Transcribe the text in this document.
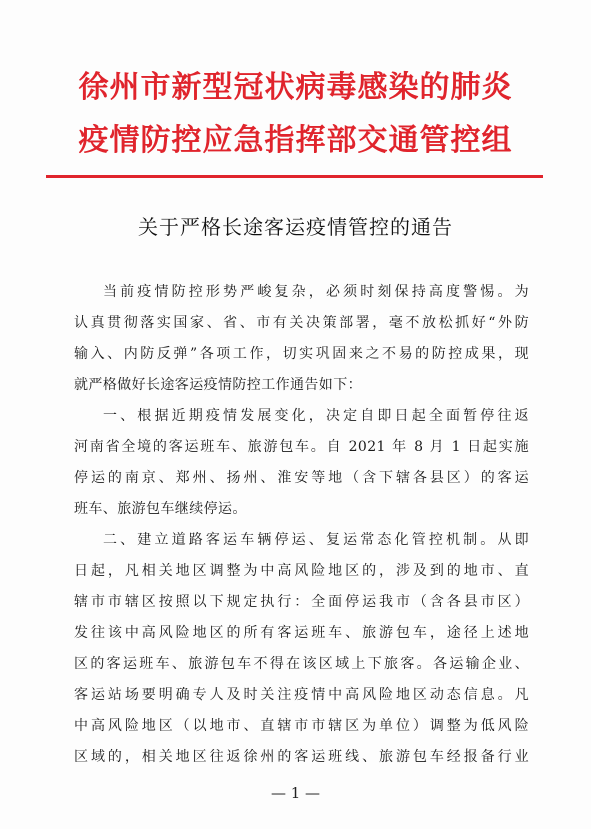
徐州市新型冠状病毒感染的肺炎
疫情防控应急指挥部交通管控组
关于严格长途客运疫情管控的通告
当前疫情防控形势严峻复杂，必须时刻保持高度警惕。为
认真贯彻落实国家、省、市有关决策部署，毫不放松抓好“外防
输入、内防反弹”各项工作，切实巩固来之不易的防控成果，现
就严格做好长途客运疫情防控工作通告如下：
一、根据近期疫情发展变化，决定自即日起全面暂停往返
河南省全境的客运班车、旅游包车。自 2021 年 8 月 1 日起实施
停运的南京、郑州、扬州、淮安等地（含下辖各县区）的客运
班车、旅游包车继续停运。
二、建立道路客运车辆停运、复运常态化管控机制。从即
日起，凡相关地区调整为中高风险地区的，涉及到的地市、直
辖市市辖区按照以下规定执行：全面停运我市（含各县市区）
发往该中高风险地区的所有客运班车、旅游包车，途径上述地
区的客运班车、旅游包车不得在该区域上下旅客。各运输企业、
客运站场要明确专人及时关注疫情中高风险地区动态信息。凡
中高风险地区（以地市、直辖市市辖区为单位）调整为低风险
区域的，相关地区往返徐州的客运班线、旅游包车经报备行业
— 1 —
